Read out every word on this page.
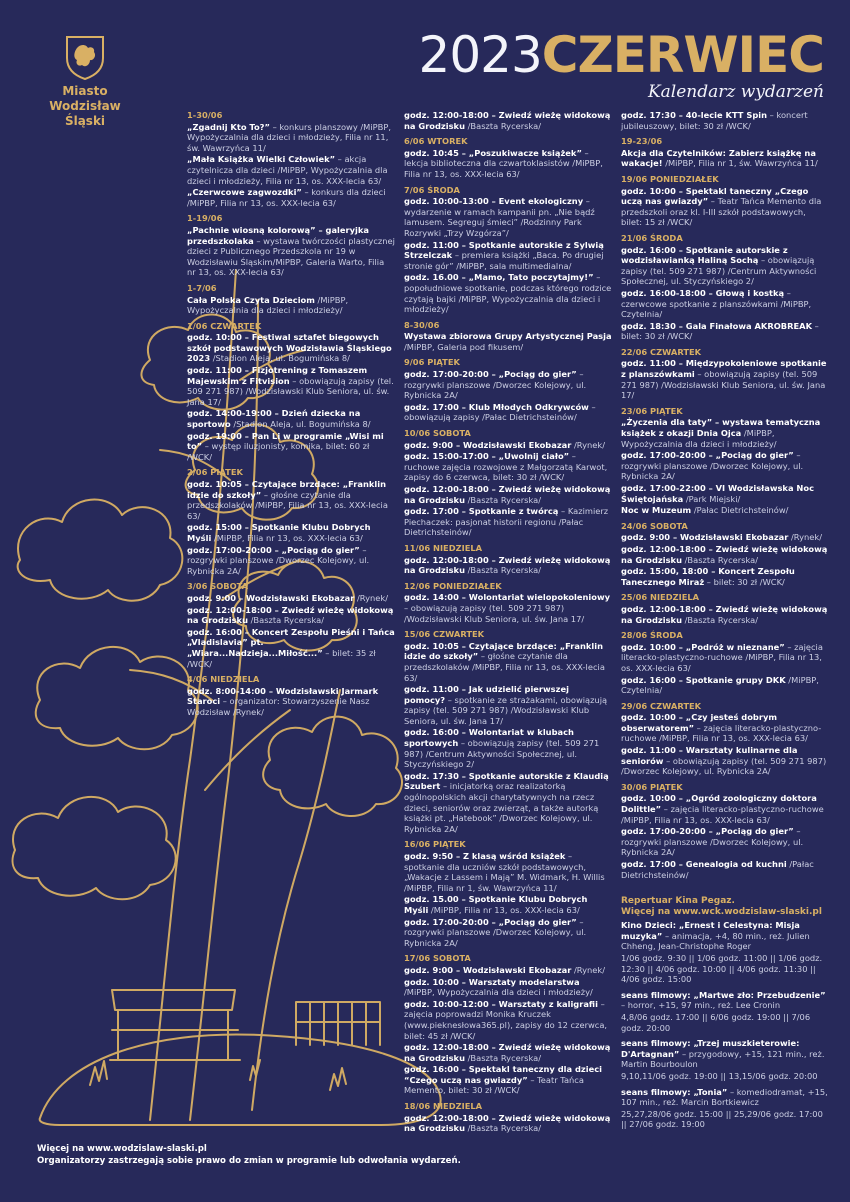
Miasto
Wodzisław Śląski
2023CZERWIEC
Kalendarz wydarzeń
1-30/06
„Zgadnij Kto To?” – konkurs planszowy /MiPBP, Wypożyczalnia dla dzieci i młodzieży, Filia nr 11, św. Wawrzyńca 11/
„Mała Książka Wielki Człowiek” – akcja czytelnicza dla dzieci /MiPBP, Wypożyczalnia dla dzieci i młodzieży, Filia nr 13, os. XXX-lecia 63/
„Czerwcowe zagwozdki” – konkurs dla dzieci /MiPBP, Filia nr 13, os. XXX-lecia 63/
1-19/06
„Pachnie wiosną kolorową” – galeryjka przedszkolaka – wystawa twórczości plastycznej dzieci z Publicznego Przedszkola nr 19 w Wodzisławiu Śląskim/MiPBP, Galeria Warto, Filia nr 13, os. XXX-lecia 63/
1-7/06
Cała Polska Czyta Dzieciom /MiPBP, Wypożyczalnia dla dzieci i młodzieży/
1/06 CZWARTEK
godz. 10:00 – Festiwal sztafet biegowych szkół podstawowych Wodzisławia Śląskiego 2023 /Stadion Aleja, ul. Bogumińska 8/
godz. 11:00 – Fizjotrening z Tomaszem Majewskim z Fitvision – obowiązują zapisy (tel. 509 271 987) /Wodzisławski Klub Seniora, ul. św. Jana 17/
godz. 14:00-19:00 – Dzień dziecka na sportowo /Stadion Aleja, ul. Bogumińska 8/
godz. 19:00 – Pan Li w programie „Wisi mi to” – występ iluzjonisty, komika, bilet: 60 zł /WCK/
2/06 PIĄTEK
godz. 10:05 – Czytające brzdące: „Franklin idzie do szkoły” – głośne czytanie dla przedszkolaków /MiPBP, Filia nr 13, os. XXX-lecia 63/
godz. 15:00 – Spotkanie Klubu Dobrych Myśli /MiPBP, Filia nr 13, os. XXX-lecia 63/
godz. 17:00-20:00 – „Pociąg do gier” – rozgrywki planszowe /Dworzec Kolejowy, ul. Rybnicka 2A/
3/06 SOBOTA
godz. 9:00 – Wodzisławski Ekobazar /Rynek/
godz. 12:00-18:00 – Zwiedź wieżę widokową na Grodzisku /Baszta Rycerska/
godz. 16:00 – Koncert Zespołu Pieśni i Tańca „Vladislavia” pt. „Wiara...Nadzieja...Miłość...” – bilet: 35 zł /WCK/
4/06 NIEDZIELA
godz. 8:00-14:00 – Wodzisławski Jarmark Staroci – organizator: Stowarzyszenie Nasz Wodzisław /Rynek/
godz. 12:00-18:00 – Zwiedź wieżę widokową na Grodzisku /Baszta Rycerska/
6/06 WTOREK
godz. 10:45 – „Poszukiwacze książek” – lekcja biblioteczna dla czwartoklasistów /MiPBP, Filia nr 13, os. XXX-lecia 63/
7/06 ŚRODA
godz. 10:00-13:00 – Event ekologiczny – wydarzenie w ramach kampanii pn. „Nie bądź lamusem. Segreguj śmieci” /Rodzinny Park Rozrywki „Trzy Wzgórza”/
godz. 11:00 – Spotkanie autorskie z Sylwią Strzelczak – premiera książki „Baca. Po drugiej stronie gór” /MiPBP, sala multimedialna/
godz. 16.00 – „Mamo, Tato poczytajmy!” – popołudniowe spotkanie, podczas którego rodzice czytają bajki /MiPBP, Wypożyczalnia dla dzieci i młodzieży/
8-30/06
Wystawa zbiorowa Grupy Artystycznej Pasja /MiPBP, Galeria pod fikusem/
9/06 PIĄTEK
godz. 17:00-20:00 – „Pociąg do gier” – rozgrywki planszowe /Dworzec Kolejowy, ul. Rybnicka 2A/
godz. 17:00 – Klub Młodych Odkrywców – obowiązują zapisy /Pałac Dietrichsteinów/
10/06 SOBOTA
godz. 9:00 – Wodzisławski Ekobazar /Rynek/
godz. 15:00-17:00 – „Uwolnij ciało” – ruchowe zajęcia rozwojowe z Małgorzatą Karwot, zapisy do 6 czerwca, bilet: 30 zł /WCK/
godz. 12:00-18:00 – Zwiedź wieżę widokową na Grodzisku /Baszta Rycerska/
godz. 17:00 – Spotkanie z twórcą – Kazimierz Piechaczek: pasjonat historii regionu /Pałac Dietrichsteinów/
11/06 NIEDZIELA
godz. 12:00-18:00 – Zwiedź wieżę widokową na Grodzisku /Baszta Rycerska/
12/06 PONIEDZIAŁEK
godz. 14:00 – Wolontariat wielopokoleniowy – obowiązują zapisy (tel. 509 271 987) /Wodzisławski Klub Seniora, ul. św. Jana 17/
15/06 CZWARTEK
godz. 10:05 – Czytające brzdące: „Franklin idzie do szkoły” – głośne czytanie dla przedszkolaków /MiPBP, Filia nr 13, os. XXX-lecia 63/
godz. 11:00 – Jak udzielić pierwszej pomocy? – spotkanie ze strażakami, obowiązują zapisy (tel. 509 271 987) /Wodzisławski Klub Seniora, ul. św. Jana 17/
godz. 16:00 – Wolontariat w klubach sportowych – obowiązują zapisy (tel. 509 271 987) /Centrum Aktywności Społecznej, ul. Styczyńskiego 2/
godz. 17:30 – Spotkanie autorskie z Klaudią Szubert – inicjatorką oraz realizatorką ogólnopolskich akcji charytatywnych na rzecz dzieci, seniorów oraz zwierząt, a także autorką książki pt. „Hatebook” /Dworzec Kolejowy, ul. Rybnicka 2A/
16/06 PIĄTEK
godz. 9:50 – Z klasą wśród książek – spotkanie dla uczniów szkół podstawowych, „Wakacje z Lassem i Mają” M. Widmark, H. Willis /MiPBP, Filia nr 1, św. Wawrzyńca 11/
godz. 15.00 – Spotkanie Klubu Dobrych Myśli /MiPBP, Filia nr 13, os. XXX-lecia 63/
godz. 17:00-20:00 – „Pociąg do gier” – rozgrywki planszowe /Dworzec Kolejowy, ul. Rybnicka 2A/
17/06 SOBOTA
godz. 9:00 – Wodzisławski Ekobazar /Rynek/
godz. 10:00 – Warsztaty modelarstwa /MiPBP, Wypożyczalnia dla dzieci i młodzieży/
godz. 10:00-12:00 – Warsztaty z kaligrafii – zajęcia poprowadzi Monika Kruczek (www.pieknesłowa365.pl), zapisy do 12 czerwca, bilet: 45 zł /WCK/
godz. 12:00-18:00 – Zwiedź wieżę widokową na Grodzisku /Baszta Rycerska/
godz. 16:00 – Spektakl taneczny dla dzieci “Czego uczą nas gwiazdy” – Teatr Tańca Memento, bilet: 30 zł /WCK/
18/06 NIEDZIELA
godz. 12:00-18:00 – Zwiedź wieżę widokową na Grodzisku /Baszta Rycerska/
godz. 17:30 – 40-lecie KTT Spin – koncert jubileuszowy, bilet: 30 zł /WCK/
19-23/06
Akcja dla Czytelników: Zabierz książkę na wakacje! /MiPBP, Filia nr 1, św. Wawrzyńca 11/
19/06 PONIEDZIAŁEK
godz. 10:00 – Spektakl taneczny „Czego uczą nas gwiazdy” – Teatr Tańca Memento dla przedszkoli oraz kl. I-III szkół podstawowych, bilet: 15 zł /WCK/
21/06 ŚRODA
godz. 16:00 – Spotkanie autorskie z wodzisławianką Haliną Sochą – obowiązują zapisy (tel. 509 271 987) /Centrum Aktywności Społecznej, ul. Styczyńskiego 2/
godz. 16:00-18:00 – Głową i kostką – czerwcowe spotkanie z planszówkami /MiPBP, Czytelnia/
godz. 18:30 – Gala Finałowa AKROBREAK – bilet: 30 zł /WCK/
22/06 CZWARTEK
godz. 11:00 – Międzypokoleniowe spotkanie z planszówkami – obowiązują zapisy (tel. 509 271 987) /Wodzisławski Klub Seniora, ul. św. Jana 17/
23/06 PIĄTEK
„Życzenia dla taty” – wystawa tematyczna książek z okazji Dnia Ojca /MiPBP, Wypożyczalnia dla dzieci i młodzieży/
godz. 17:00-20:00 – „Pociąg do gier” – rozgrywki planszowe /Dworzec Kolejowy, ul. Rybnicka 2A/
godz. 17:00-22:00 – VI Wodzisławska Noc Świętojańska /Park Miejski/
Noc w Muzeum /Pałac Dietrichsteinów/
24/06 SOBOTA
godz. 9:00 – Wodzisławski Ekobazar /Rynek/
godz. 12:00-18:00 – Zwiedź wieżę widokową na Grodzisku /Baszta Rycerska/
godz. 15:00, 18:00 – Koncert Zespołu Tanecznego Miraż – bilet: 30 zł /WCK/
25/06 NIEDZIELA
godz. 12:00-18:00 – Zwiedź wieżę widokową na Grodzisku /Baszta Rycerska/
28/06 ŚRODA
godz. 10:00 – „Podróż w nieznane” – zajęcia literacko-plastyczno-ruchowe /MiPBP, Filia nr 13, os. XXX-lecia 63/
godz. 16:00 – Spotkanie grupy DKK /MiPBP, Czytelnia/
29/06 CZWARTEK
godz. 10:00 – „Czy jesteś dobrym obserwatorem” – zajęcia literacko-plastyczno-ruchowe /MiPBP, Filia nr 13, os. XXX-lecia 63/
godz. 11:00 – Warsztaty kulinarne dla seniorów – obowiązują zapisy (tel. 509 271 987) /Dworzec Kolejowy, ul. Rybnicka 2A/
30/06 PIĄTEK
godz. 10:00 – „Ogród zoologiczny doktora Dolittle” – zajęcia literacko-plastyczno-ruchowe /MiPBP, Filia nr 13, os. XXX-lecia 63/
godz. 17:00-20:00 – „Pociąg do gier” – rozgrywki planszowe /Dworzec Kolejowy, ul. Rybnicka 2A/
godz. 17:00 – Genealogia od kuchni /Pałac Dietrichsteinów/
Repertuar Kina Pegaz.
Więcej na www.wck.wodzislaw-slaski.pl
Kino Dzieci: „Ernest i Celestyna: Misja muzyka” – animacja, +4, 80 min., reż. Julien Chheng, Jean-Christophe Roger
1/06 godz. 9:30 || 1/06 godz. 11:00 || 1/06 godz. 12:30 || 4/06 godz. 10:00 || 4/06 godz. 11:30 || 4/06 godz. 15:00
seans filmowy: „Martwe zło: Przebudzenie” – horror, +15, 97 min., reż. Lee Cronin
4,8/06 godz. 17:00 || 6/06 godz. 19:00 || 7/06 godz. 20:00
seans filmowy: „Trzej muszkieterowie: D'Artagnan” – przygodowy, +15, 121 min., reż. Martin Bourboulon
9,10,11/06 godz. 19:00 || 13,15/06 godz. 20:00
seans filmowy: „Tonia” – komediodramat, +15, 107 min., reż. Marcin Bortkiewicz
25,27,28/06 godz. 15:00 || 25,29/06 godz. 17:00 || 27/06 godz. 19:00
Więcej na www.wodzislaw-slaski.pl
Organizatorzy zastrzegają sobie prawo do zmian w programie lub odwołania wydarzeń.
